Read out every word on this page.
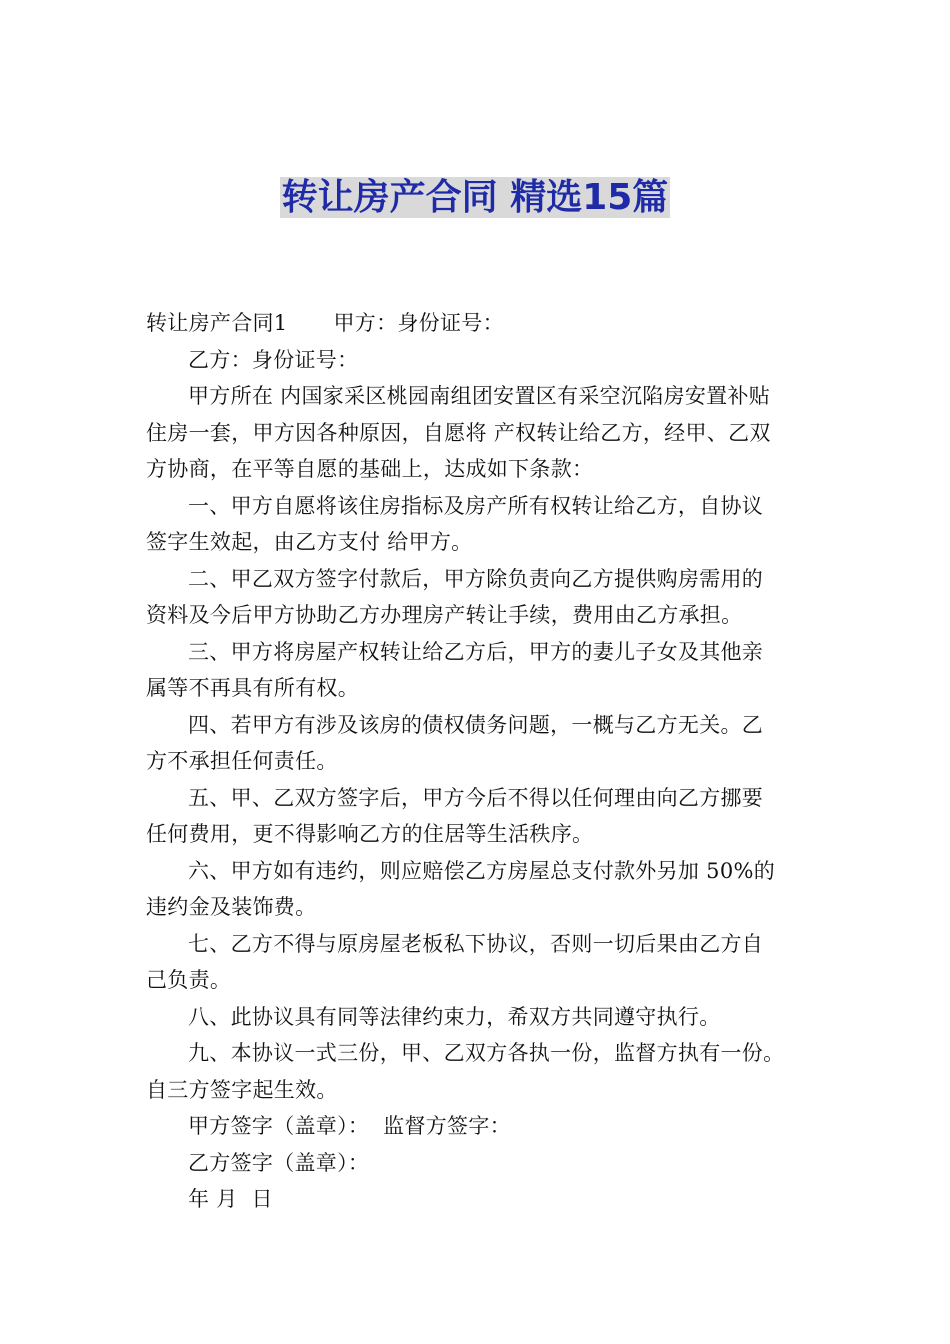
转让房产合同 精选15篇

转让房产合同1 甲方：身份证号：

乙方：身份证号：

甲方所在 内国家采区桃园南组团安置区有采空沉陷房安置补贴

住房一套，甲方因各种原因，自愿将 产权转让给乙方，经甲、乙双

方协商，在平等自愿的基础上，达成如下条款：

一、甲方自愿将该住房指标及房产所有权转让给乙方，自协议

签字生效起，由乙方支付 给甲方。

二、甲乙双方签字付款后，甲方除负责向乙方提供购房需用的

资料及今后甲方协助乙方办理房产转让手续，费用由乙方承担。

三、甲方将房屋产权转让给乙方后，甲方的妻儿子女及其他亲

属等不再具有所有权。

四、若甲方有涉及该房的债权债务问题，一概与乙方无关。乙

方不承担任何责任。

五、甲、乙双方签字后，甲方今后不得以任何理由向乙方挪要

任何费用，更不得影响乙方的住居等生活秩序。

六、甲方如有违约，则应赔偿乙方房屋总支付款外另加 50%的

违约金及装饰费。

七、乙方不得与原房屋老板私下协议，否则一切后果由乙方自

己负责。

八、此协议具有同等法律约束力，希双方共同遵守执行。

九、本协议一式三份，甲、乙双方各执一份，监督方执有一份。

自三方签字起生效。

甲方签字（盖章）：  监督方签字：

乙方签字（盖章）：

年 月  日
